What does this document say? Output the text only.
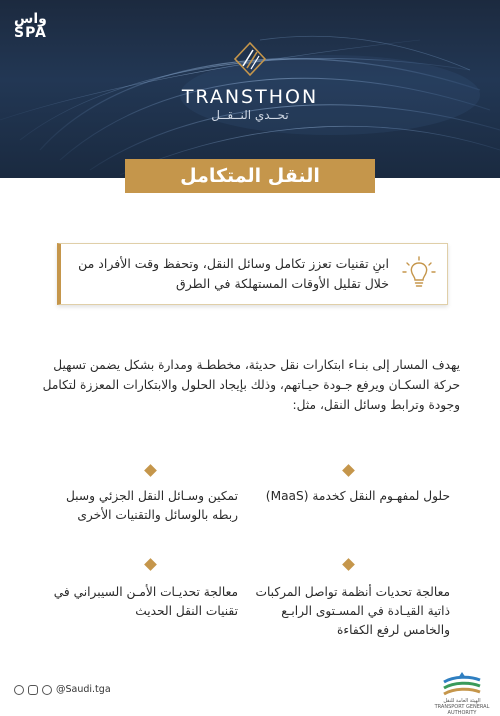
واس
SPA
TRANSTHON
تحــدي النــقــل
النقل المتكامل
ابنِ تقنيات تعزز تكامل وسائل النقل، وتحفظ وقت الأفراد من خلال تقليل الأوقات المستهلكة في الطرق
يهدف المسار إلى بنـاء ابتكارات نقل حديثة، مخططـة ومدارة بشكل يضمن تسهيل حركة السكـان ويرفع جـودة حيـاتهم، وذلك بإيجاد الحلول والابتكارات المعززة لتكامل وجودة وترابط وسائل النقل، مثل:
حلول لمفهـوم النقل كخدمة (MaaS)
تمكين وسـائل النقل الجزئي وسبل ربطه بالوسائل والتقنيات الأخرى
معالجة تحديات أنظمة تواصل المركبات ذاتية القيـادة في المسـتوى الرابـع والخامس لرفع الكفاءة
معالجة تحديـات الأمـن السيبراني في تقنيات النقل الحديث
@Saudi.tga
الهيئة العامة للنقل
TRANSPORT GENERAL AUTHORITY
